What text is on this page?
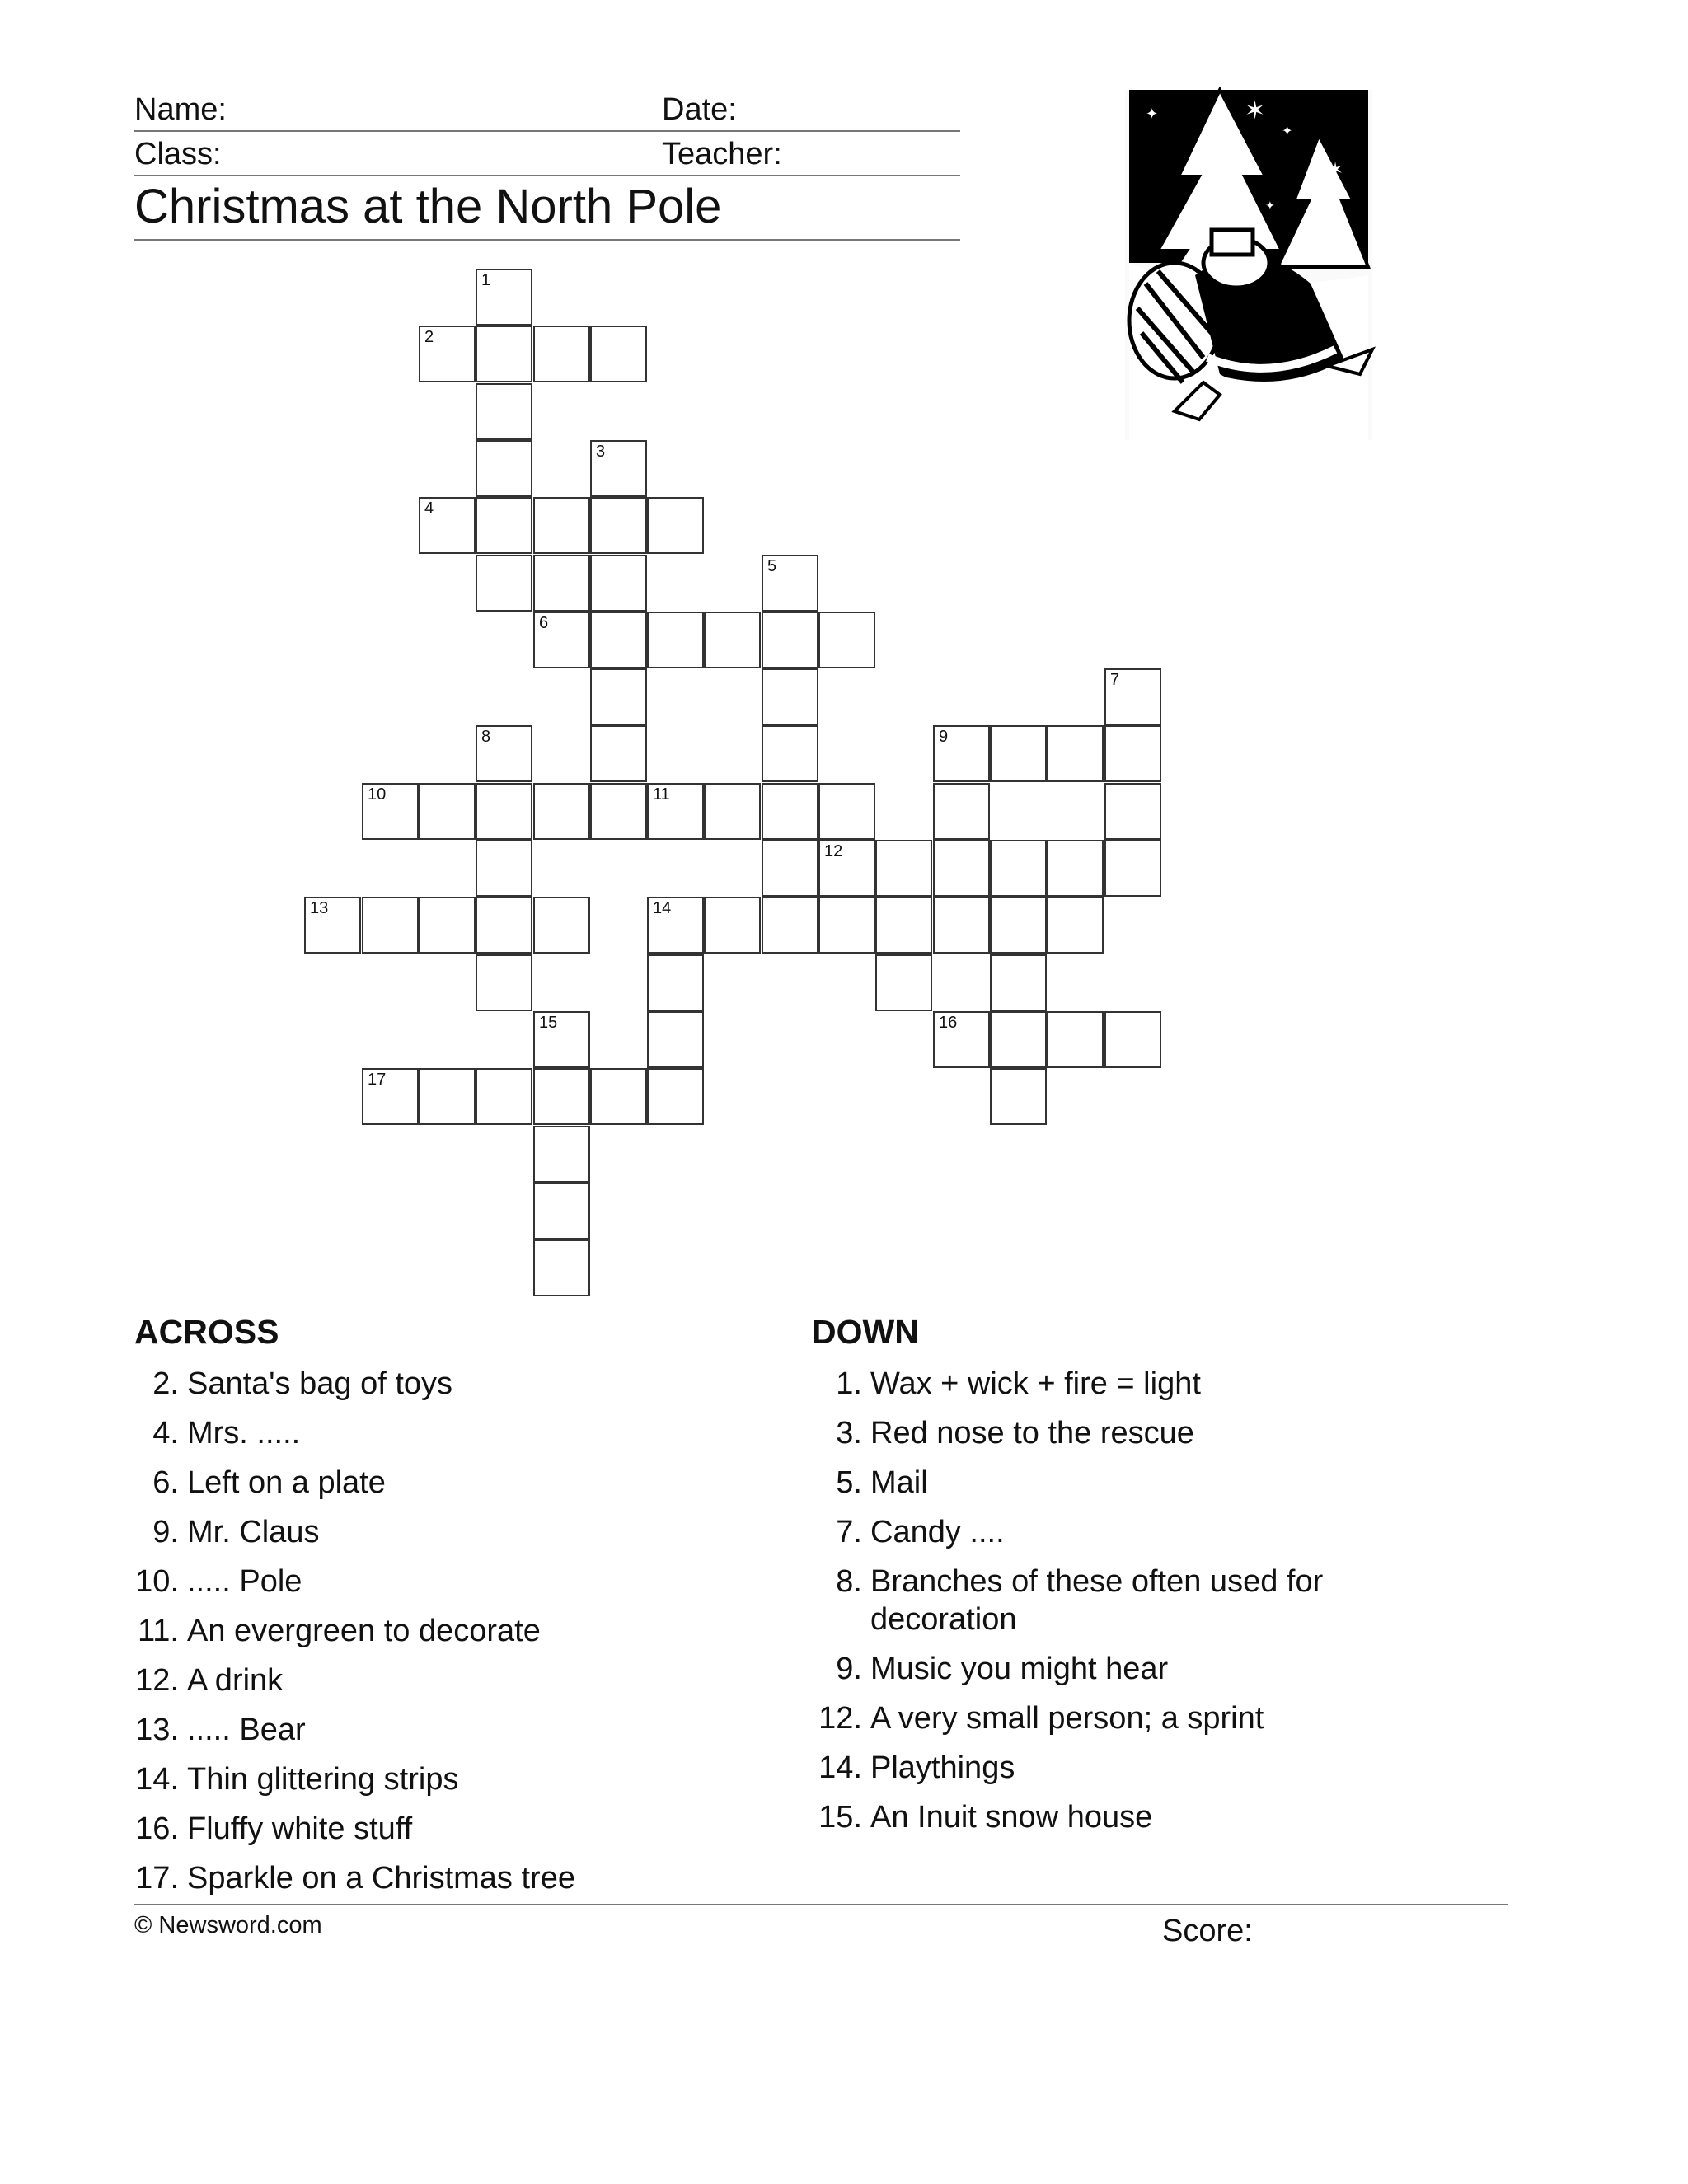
Name:	Date:
Class:	Teacher:
Christmas at the North Pole
✶
✦
✶
✦
✦
1
2
3
4
5
6
7
8	9
10	11
12
13	14
15	16
17
ACROSS
2. Santa's bag of toys
4. Mrs. .....
6. Left on a plate
9. Mr. Claus
10. ..... Pole
11. An evergreen to decorate
12. A drink
13. ..... Bear
14. Thin glittering strips
16. Fluffy white stuff
17. Sparkle on a Christmas tree
DOWN
1. Wax + wick + fire = light
3. Red nose to the rescue
5. Mail
7. Candy ....
8. Branches of these often used for decoration
9. Music you might hear
12. A very small person; a sprint
14. Playthings
15. An Inuit snow house
© Newsword.com	Score:
